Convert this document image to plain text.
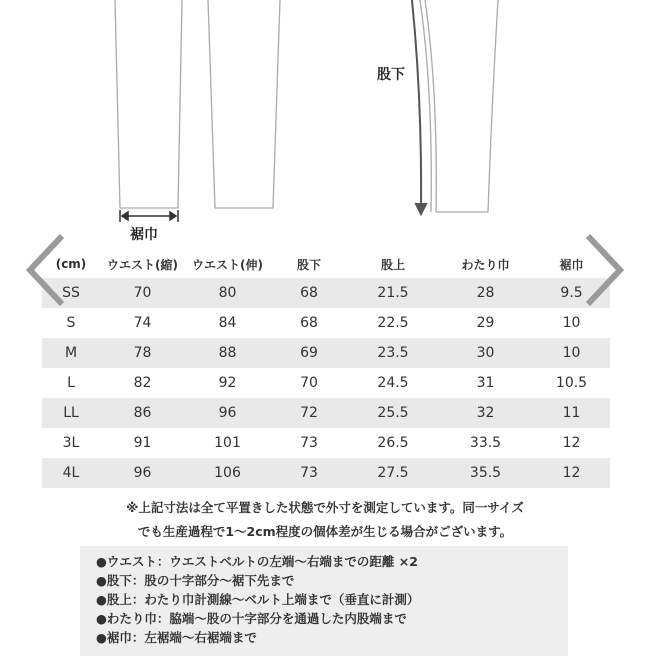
股下
裾巾
(cm)	ウエスト(縮)	ウエスト(伸)	股下	股上	わたり巾	裾巾
SS	70	80	68	21.5	28	9.5
S	74	84	68	22.5	29	10
M	78	88	69	23.5	30	10
L	82	92	70	24.5	31	10.5
LL	86	96	72	25.5	32	11
3L	91	101	73	26.5	33.5	12
4L	96	106	73	27.5	35.5	12
※上記寸法は全て平置きした状態で外寸を測定しています。同一サイズ
でも生産過程で1～2cm程度の個体差が生じる場合がございます。
●ウエスト：ウエストベルトの左端～右端までの距離 ×2
●股下：股の十字部分～裾下先まで
●股上：わたり巾計測線～ベルト上端まで（垂直に計測）
●わたり巾：脇端～股の十字部分を通過した内股端まで
●裾巾：左裾端～右裾端まで
